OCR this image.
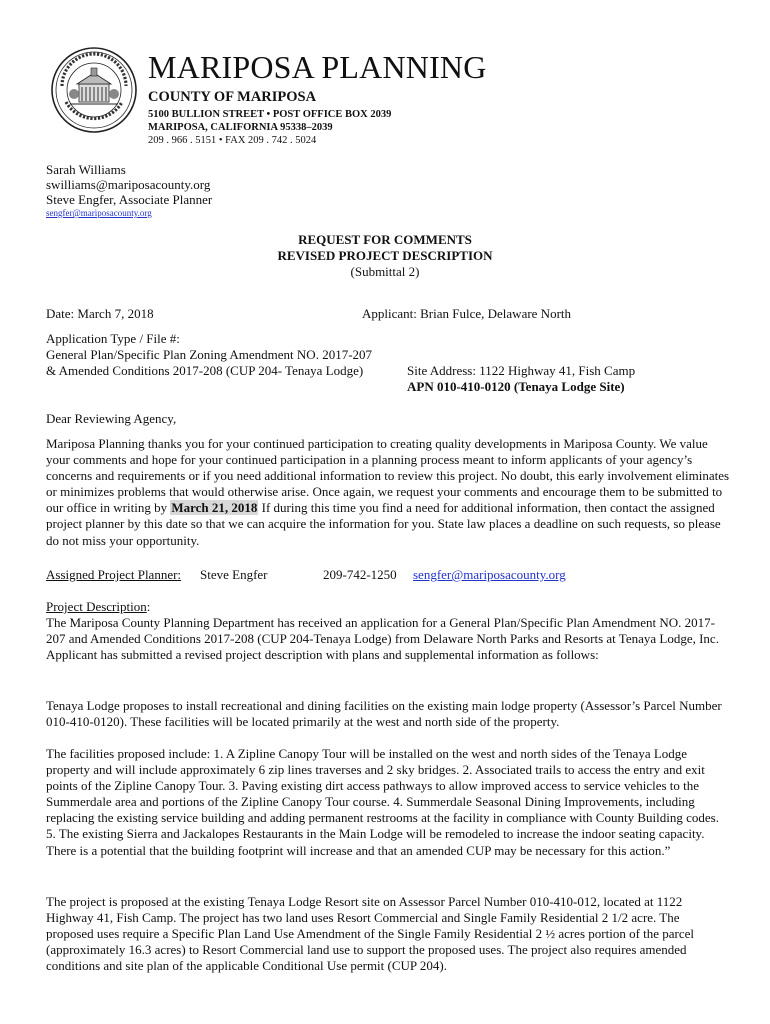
MARIPOSA PLANNING
COUNTY OF MARIPOSA
5100 BULLION STREET • POST OFFICE BOX 2039
MARIPOSA, CALIFORNIA 95338–2039
209 . 966 . 5151 • FAX 209 . 742 . 5024
Sarah Williams
swilliams@mariposacounty.org
Steve Engfer, Associate Planner
sengfer@mariposacounty.org
REQUEST FOR COMMENTS
REVISED PROJECT DESCRIPTION
(Submittal 2)
Date: March 7, 2018	Applicant: Brian Fulce, Delaware North
Application Type / File #:
General Plan/Specific Plan Zoning Amendment NO. 2017-207
& Amended Conditions 2017-208 (CUP 204- Tenaya Lodge)	Site Address: 1122 Highway 41, Fish Camp
APN 010-410-0120 (Tenaya Lodge Site)
Dear Reviewing Agency,

Mariposa Planning thanks you for your continued participation to creating quality developments in Mariposa County. We value your comments and hope for your continued participation in a planning process meant to inform applicants of your agency’s concerns and requirements or if you need additional information to review this project. No doubt, this early involvement eliminates or minimizes problems that would otherwise arise. Once again, we request your comments and encourage them to be submitted to our office in writing by March 21, 2018 If during this time you find a need for additional information, then contact the assigned project planner by this date so that we can acquire the information for you. State law places a deadline on such requests, so please do not miss your opportunity.

Assigned Project Planner: Steve Engfer	209-742-1250 sengfer@mariposacounty.org
Project Description:

The Mariposa County Planning Department has received an application for a General Plan/Specific Plan Amendment NO. 2017-207 and Amended Conditions 2017-208 (CUP 204-Tenaya Lodge) from Delaware North Parks and Resorts at Tenaya Lodge, Inc. Applicant has submitted a revised project description with plans and supplemental information as follows:

Tenaya Lodge proposes to install recreational and dining facilities on the existing main lodge property (Assessor’s Parcel Number 010-410-0120). These facilities will be located primarily at the west and north side of the property.

The facilities proposed include: 1. A Zipline Canopy Tour will be installed on the west and north sides of the Tenaya Lodge property and will include approximately 6 zip lines traverses and 2 sky bridges. 2. Associated trails to access the entry and exit points of the Zipline Canopy Tour. 3. Paving existing dirt access pathways to allow improved access to service vehicles to the Summerdale area and portions of the Zipline Canopy Tour course. 4. Summerdale Seasonal Dining Improvements, including replacing the existing service building and adding permanent restrooms at the facility in compliance with County Building codes. 5. The existing Sierra and Jackalopes Restaurants in the Main Lodge will be remodeled to increase the indoor seating capacity. There is a potential that the building footprint will increase and that an amended CUP may be necessary for this action.”

The project is proposed at the existing Tenaya Lodge Resort site on Assessor Parcel Number 010-410-012, located at 1122 Highway 41, Fish Camp. The project has two land uses Resort Commercial and Single Family Residential 2 1/2 acre. The proposed uses require a Specific Plan Land Use Amendment of the Single Family Residential 2 ½ acres portion of the parcel (approximately 16.3 acres) to Resort Commercial land use to support the proposed uses. The project also requires amended conditions and site plan of the applicable Conditional Use permit (CUP 204).
